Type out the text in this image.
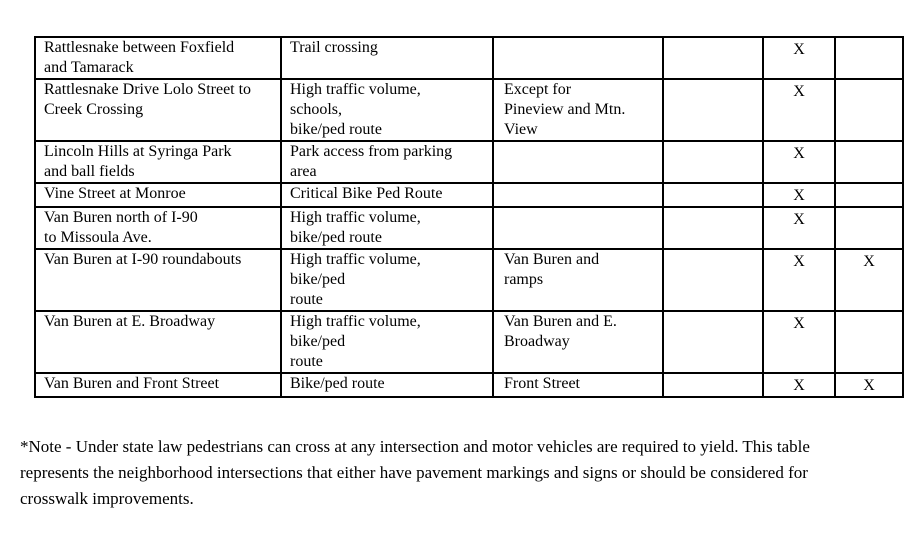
Rattlesnake between Foxfield
and Tamarack	Trail crossing			X	
Rattlesnake Drive Lolo Street to
Creek Crossing	High traffic volume,
schools,
bike/ped route	Except for
Pineview and Mtn.
View		X	
Lincoln Hills at Syringa Park
and ball fields	Park access from parking
area			X	
Vine Street at Monroe	Critical Bike Ped Route			X	
Van Buren north of I-90
to Missoula Ave.	High traffic volume,
bike/ped route			X	
Van Buren at I-90 roundabouts	High traffic volume,
bike/ped
route	Van Buren and
ramps		X	X
Van Buren at E. Broadway	High traffic volume,
bike/ped
route	Van Buren and E.
Broadway		X	
Van Buren and Front Street	Bike/ped route	Front Street		X	X
*Note - Under state law pedestrians can cross at any intersection and motor vehicles are required to yield. This table represents the neighborhood intersections that either have pavement markings and signs or should be considered for crosswalk improvements.
